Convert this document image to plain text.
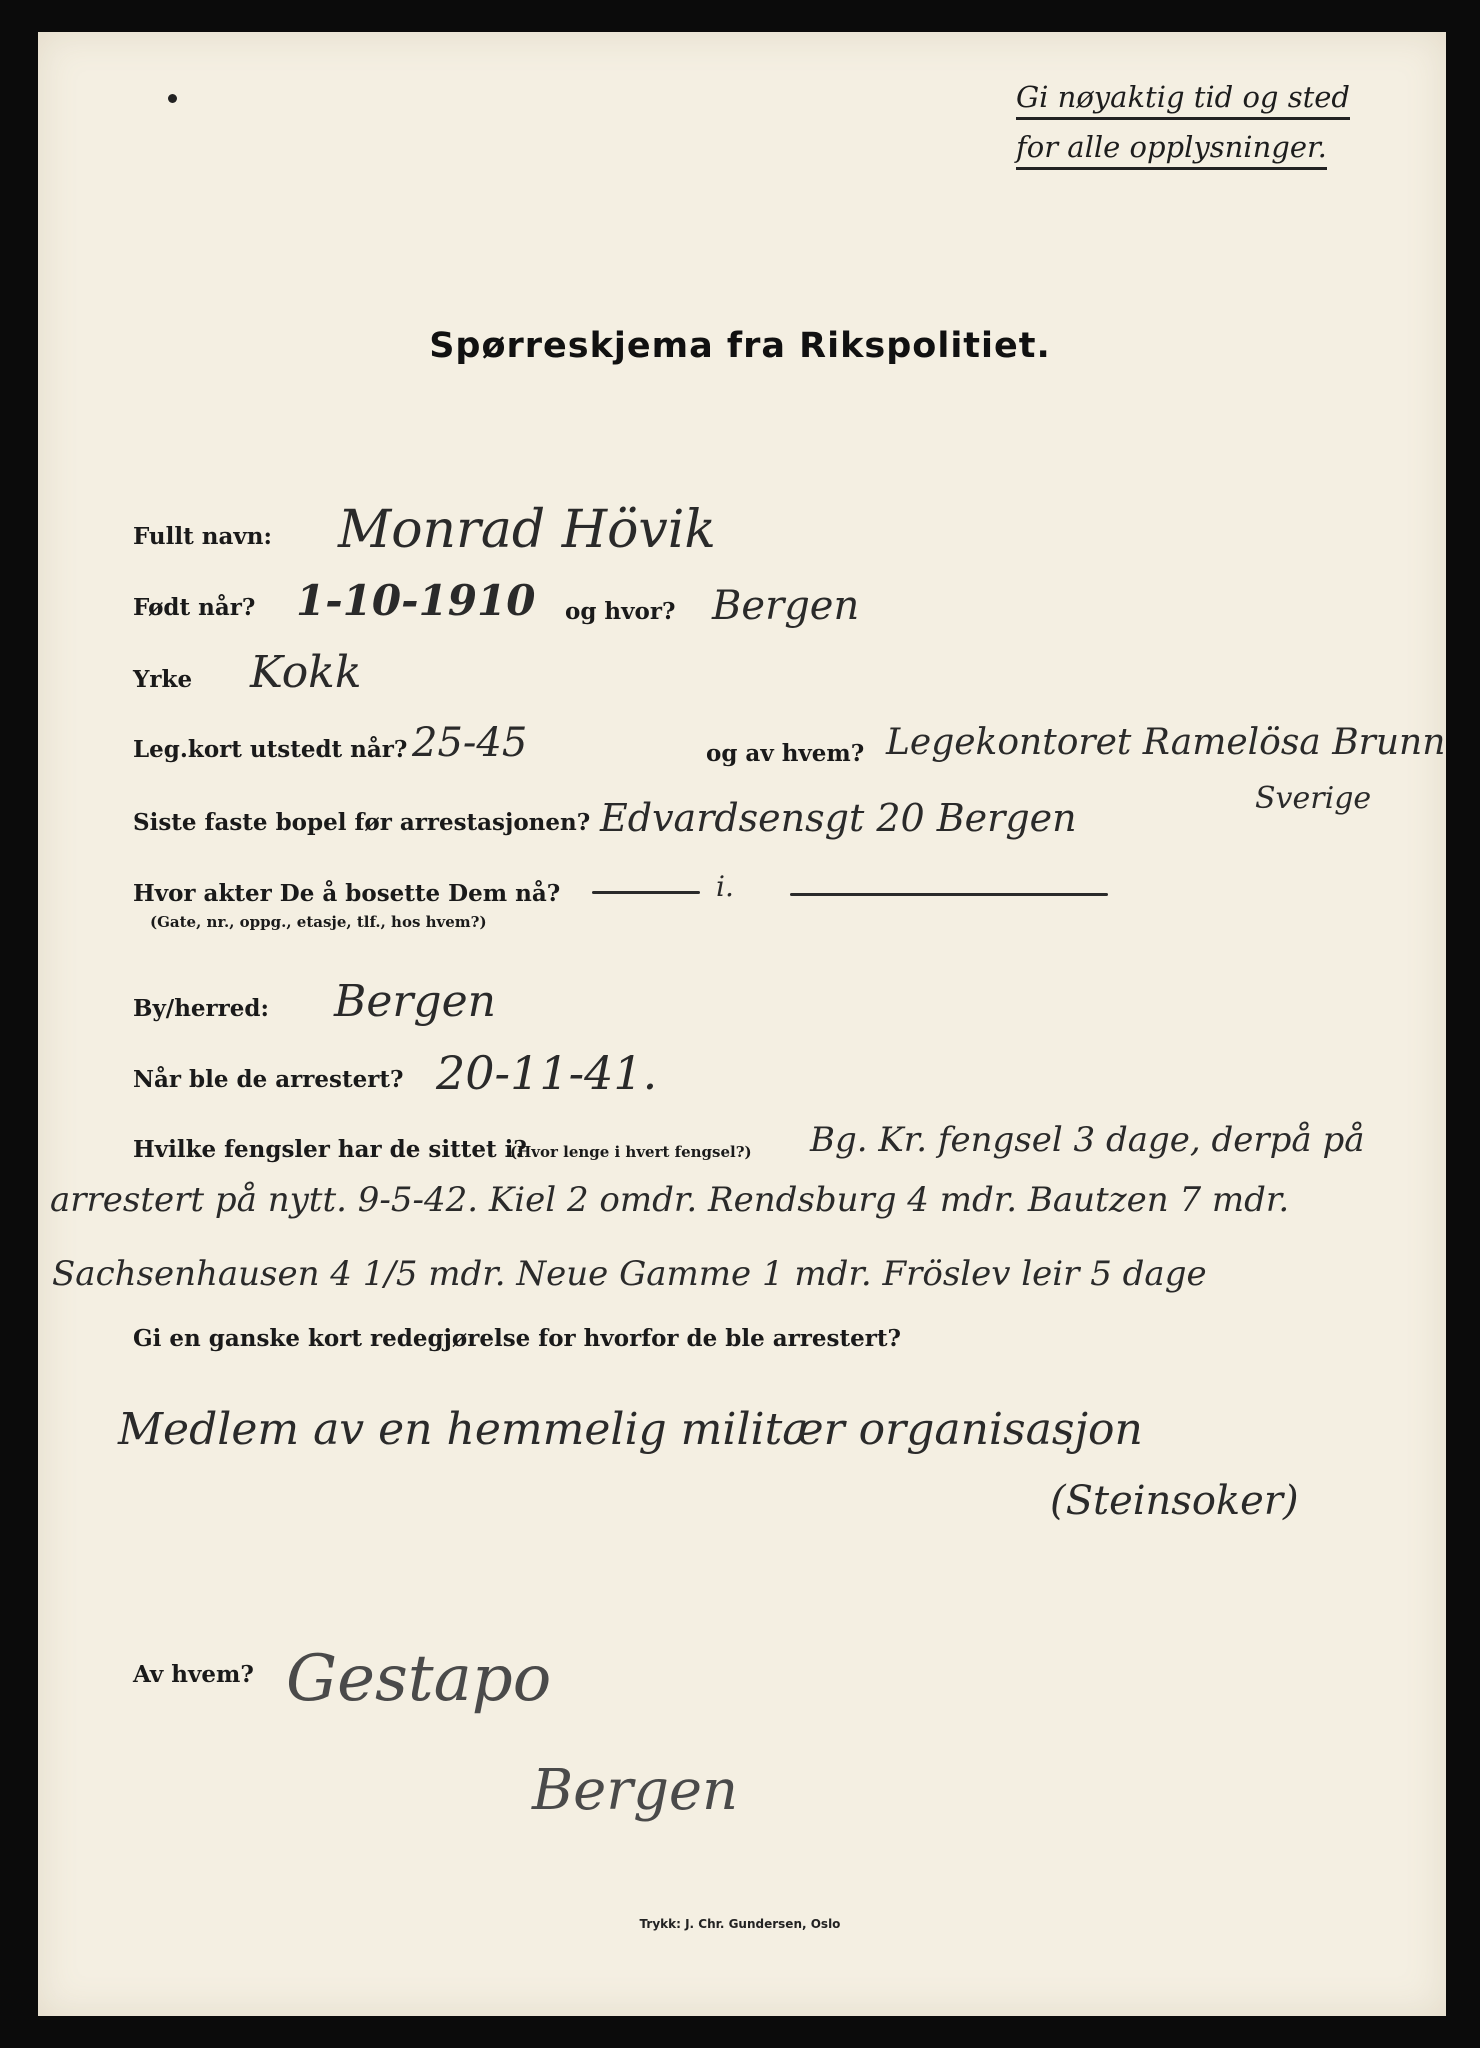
Gi nøyaktig tid og sted
for alle opplysninger.
Spørreskjema fra Rikspolitiet.
Fullt navn: Monrad Hövik
Født når? 1-10-1910 og hvor? Bergen
Yrke Kokk
Leg.kort utstedt når? 25-45	og av hvem? Legekontoret Ramelösa Brunn
Sverige
Siste faste bopel før arrestasjonen? Edvardsensgt 20 Bergen
Hvor akter De å bosette Dem nå?
(Gate, nr., oppg., etasje, tlf., hos hvem?)
i.
By/herred: Bergen
Når ble de arrestert? 20-11-41.
Hvilke fengsler har de sittet i?
(Hvor lenge i hvert fengsel?) Bg. Kr. fengsel 3 dage, derpå på
arrestert på nytt. 9-5-42. Kiel 2 omdr. Rendsburg 4 mdr. Bautzen 7 mdr.
Sachsenhausen 4 1/5 mdr. Neue Gamme 1 mdr. Fröslev leir 5 dage
Gi en ganske kort redegjørelse for hvorfor de ble arrestert?
Medlem av en hemmelig militær organisasjon
(Steinsoker)
Av hvem? Gestapo
Bergen
Trykk: J. Chr. Gundersen, Oslo
